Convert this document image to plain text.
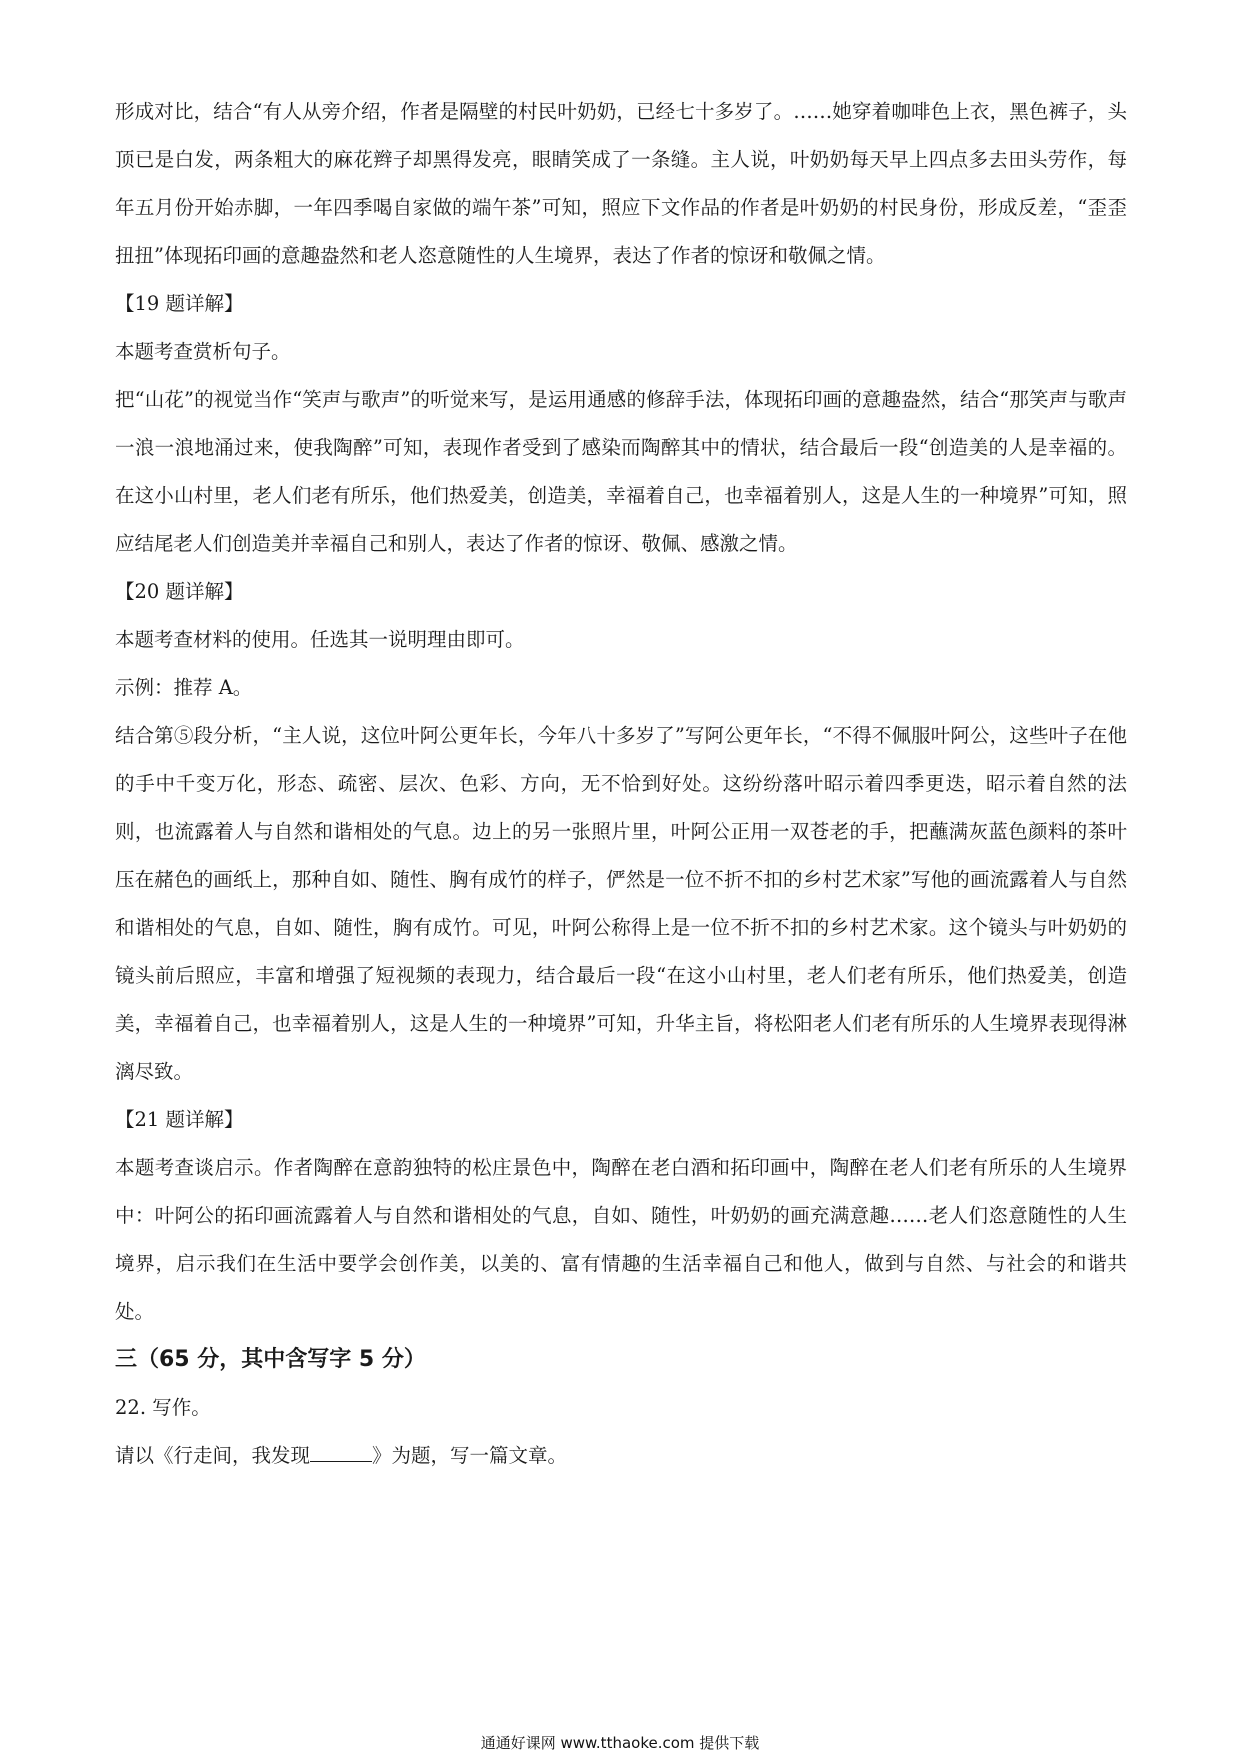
形成对比，结合“有人从旁介绍，作者是隔壁的村民叶奶奶，已经七十多岁了。……她穿着咖啡色上衣，黑色裤子，头顶已是白发，两条粗大的麻花辫子却黑得发亮，眼睛笑成了一条缝。主人说，叶奶奶每天早上四点多去田头劳作，每年五月份开始赤脚，一年四季喝自家做的端午茶”可知，照应下文作品的作者是叶奶奶的村民身份，形成反差，“歪歪扭扭”体现拓印画的意趣盎然和老人恣意随性的人生境界，表达了作者的惊讶和敬佩之情。

【19 题详解】

本题考查赏析句子。

把“山花”的视觉当作“笑声与歌声”的听觉来写，是运用通感的修辞手法，体现拓印画的意趣盎然，结合“那笑声与歌声一浪一浪地涌过来，使我陶醉”可知，表现作者受到了感染而陶醉其中的情状，结合最后一段“创造美的人是幸福的。在这小山村里，老人们老有所乐，他们热爱美，创造美，幸福着自己，也幸福着别人，这是人生的一种境界”可知，照应结尾老人们创造美并幸福自己和别人，表达了作者的惊讶、敬佩、感激之情。

【20 题详解】

本题考查材料的使用。任选其一说明理由即可。

示例：推荐 A。

结合第⑤段分析，“主人说，这位叶阿公更年长，今年八十多岁了”写阿公更年长，“不得不佩服叶阿公，这些叶子在他的手中千变万化，形态、疏密、层次、色彩、方向，无不恰到好处。这纷纷落叶昭示着四季更迭，昭示着自然的法则，也流露着人与自然和谐相处的气息。边上的另一张照片里，叶阿公正用一双苍老的手，把蘸满灰蓝色颜料的茶叶压在赭色的画纸上，那种自如、随性、胸有成竹的样子，俨然是一位不折不扣的乡村艺术家”写他的画流露着人与自然和谐相处的气息，自如、随性，胸有成竹。可见，叶阿公称得上是一位不折不扣的乡村艺术家。这个镜头与叶奶奶的镜头前后照应，丰富和增强了短视频的表现力，结合最后一段“在这小山村里，老人们老有所乐，他们热爱美，创造美，幸福着自己，也幸福着别人，这是人生的一种境界”可知，升华主旨，将松阳老人们老有所乐的人生境界表现得淋漓尽致。

【21 题详解】

本题考查谈启示。作者陶醉在意韵独特的松庄景色中，陶醉在老白酒和拓印画中，陶醉在老人们老有所乐的人生境界中：叶阿公的拓印画流露着人与自然和谐相处的气息，自如、随性，叶奶奶的画充满意趣……老人们恣意随性的人生境界，启示我们在生活中要学会创作美，以美的、富有情趣的生活幸福自己和他人，做到与自然、与社会的和谐共处。

三（65 分，其中含写字 5 分）

22. 写作。

请以《行走间，我发现	》为题，写一篇文章。

通通好课网 www.tthaoke.com 提供下载
